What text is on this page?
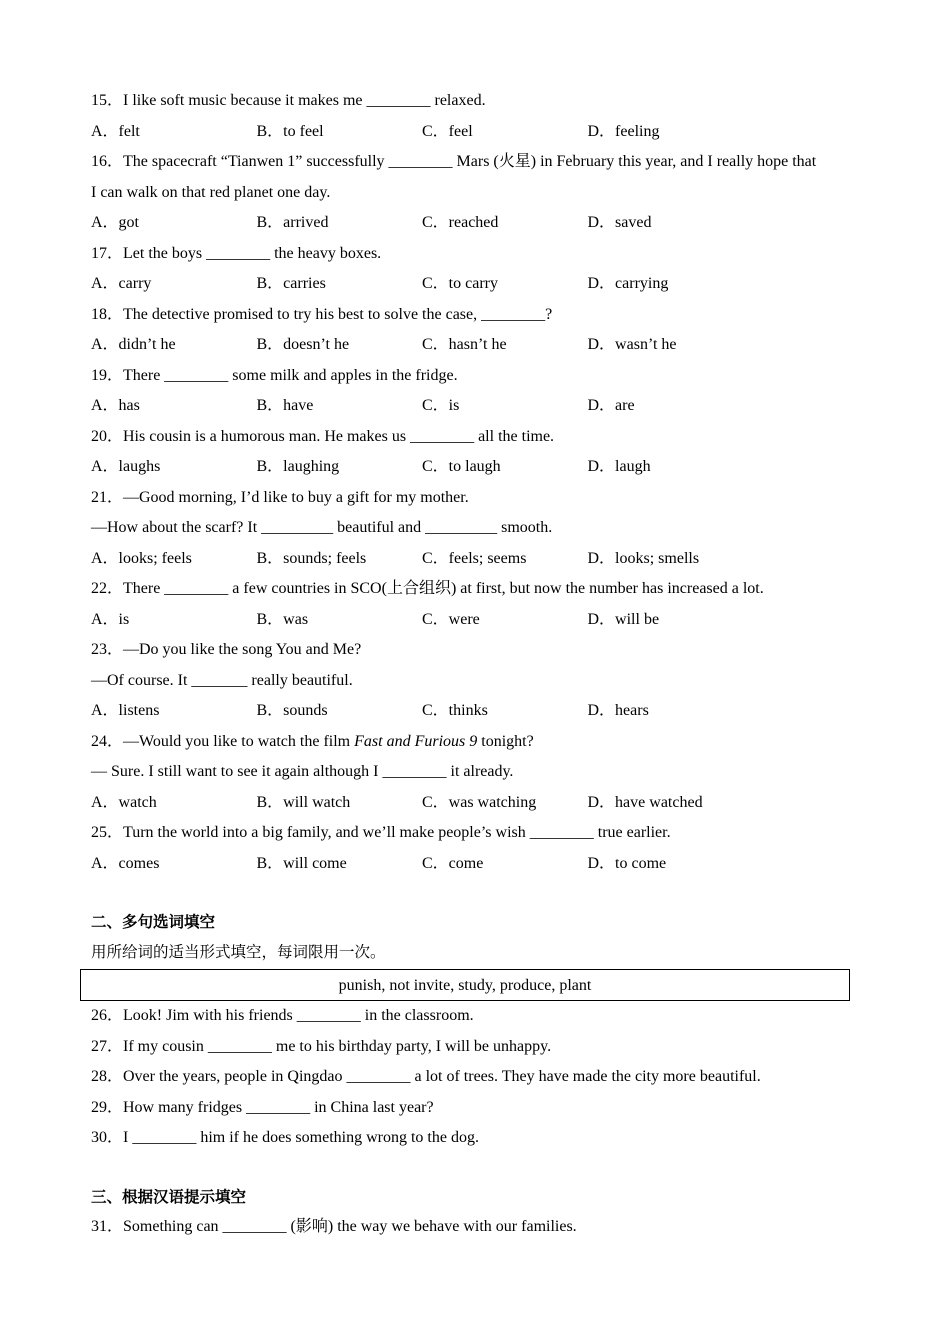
15．I like soft music because it makes me ________ relaxed.
A．felt	B．to feel	C．feel	D．feeling
16．The spacecraft “Tianwen 1” successfully ________ Mars (火星) in February this year, and I really hope that
I can walk on that red planet one day.
A．got	B．arrived	C．reached	D．saved
17．Let the boys ________ the heavy boxes.
A．carry	B．carries	C．to carry	D．carrying
18．The detective promised to try his best to solve the case, ________?
A．didn’t he	B．doesn’t he	C．hasn’t he	D．wasn’t he
19．There ________ some milk and apples in the fridge.
A．has	B．have	C．is	D．are
20．His cousin is a humorous man. He makes us ________ all the time.
A．laughs	B．laughing	C．to laugh	D．laugh
21．—Good morning, I’d like to buy a gift for my mother.
—How about the scarf? It _________ beautiful and _________ smooth.
A．looks; feels	B．sounds; feels	C．feels; seems	D．looks; smells
22．There ________ a few countries in SCO(上合组织) at first, but now the number has increased a lot.
A．is	B．was	C．were	D．will be
23．—Do you like the song You and Me?
—Of course. It _______ really beautiful.
A．listens	B．sounds	C．thinks	D．hears
24．—Would you like to watch the film Fast and Furious 9 tonight?
— Sure. I still want to see it again although I ________ it already.
A．watch	B．will watch	C．was watching	D．have watched
25．Turn the world into a big family, and we’ll make people’s wish ________ true earlier.
A．comes	B．will come	C．come	D．to come
二、多句选词填空
用所给词的适当形式填空，每词限用一次。
punish, not invite, study, produce, plant
26．Look! Jim with his friends ________ in the classroom.
27．If my cousin ________ me to his birthday party, I will be unhappy.
28．Over the years, people in Qingdao ________ a lot of trees. They have made the city more beautiful.
29．How many fridges ________ in China last year?
30．I ________ him if he does something wrong to the dog.
三、根据汉语提示填空
31．Something can ________ (影响) the way we behave with our families.
